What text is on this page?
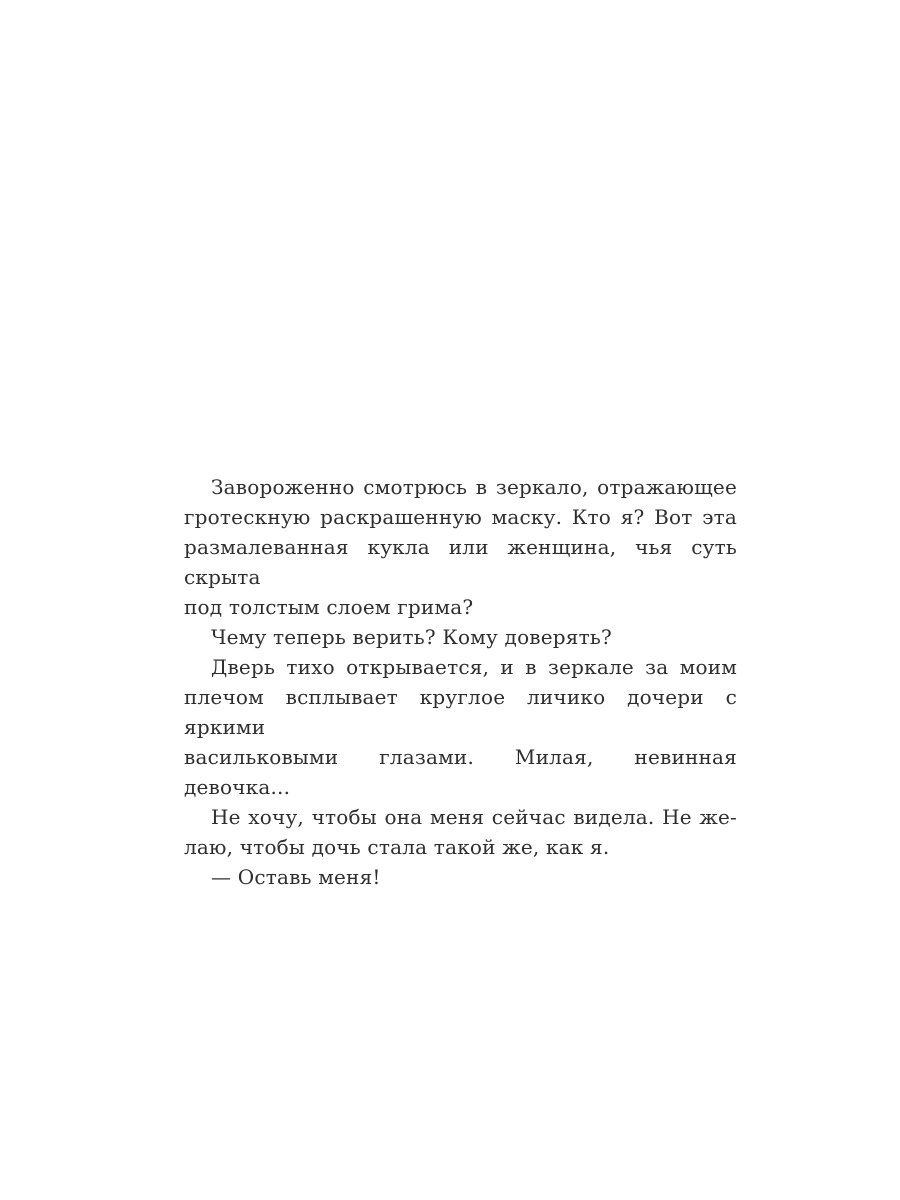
Завороженно смотрюсь в зеркало, отражающее
гротескную раскрашенную маску. Кто я? Вот эта
размалеванная кукла или женщина, чья суть скрыта
под толстым слоем грима?
Чему теперь верить? Кому доверять?
Дверь тихо открывается, и в зеркале за моим
плечом всплывает круглое личико дочери с яркими
васильковыми глазами. Милая, невинная девочка...
Не хочу, чтобы она меня сейчас видела. Не же-
лаю, чтобы дочь стала такой же, как я.
— Оставь меня!
